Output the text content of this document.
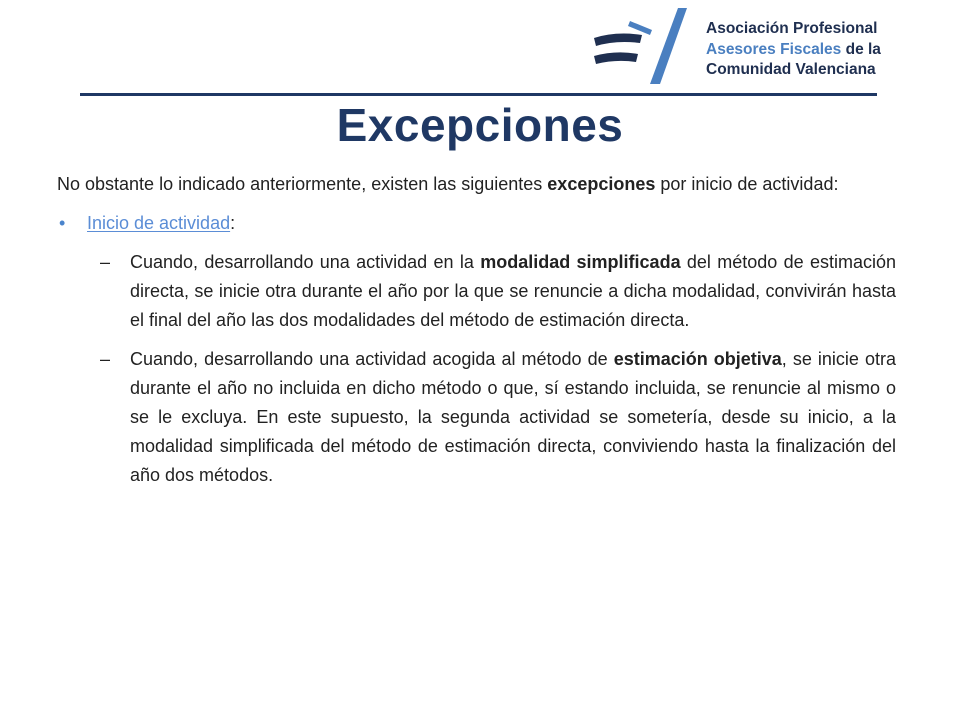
Asociación Profesional
Asesores Fiscales de la
Comunidad Valenciana
Excepciones

No obstante lo indicado anteriormente, existen las siguientes excepciones por inicio de actividad:

• Inicio de actividad:
– Cuando, desarrollando una actividad en la modalidad simplificada del método de estimación directa, se inicie otra durante el año por la que se renuncie a dicha modalidad, convivirán hasta el final del año las dos modalidades del método de estimación directa.
– Cuando, desarrollando una actividad acogida al método de estimación objetiva, se inicie otra durante el año no incluida en dicho método o que, sí estando incluida, se renuncie al mismo o se le excluya. En este supuesto, la segunda actividad se sometería, desde su inicio, a la modalidad simplificada del método de estimación directa, conviviendo hasta la finalización del año dos métodos.
